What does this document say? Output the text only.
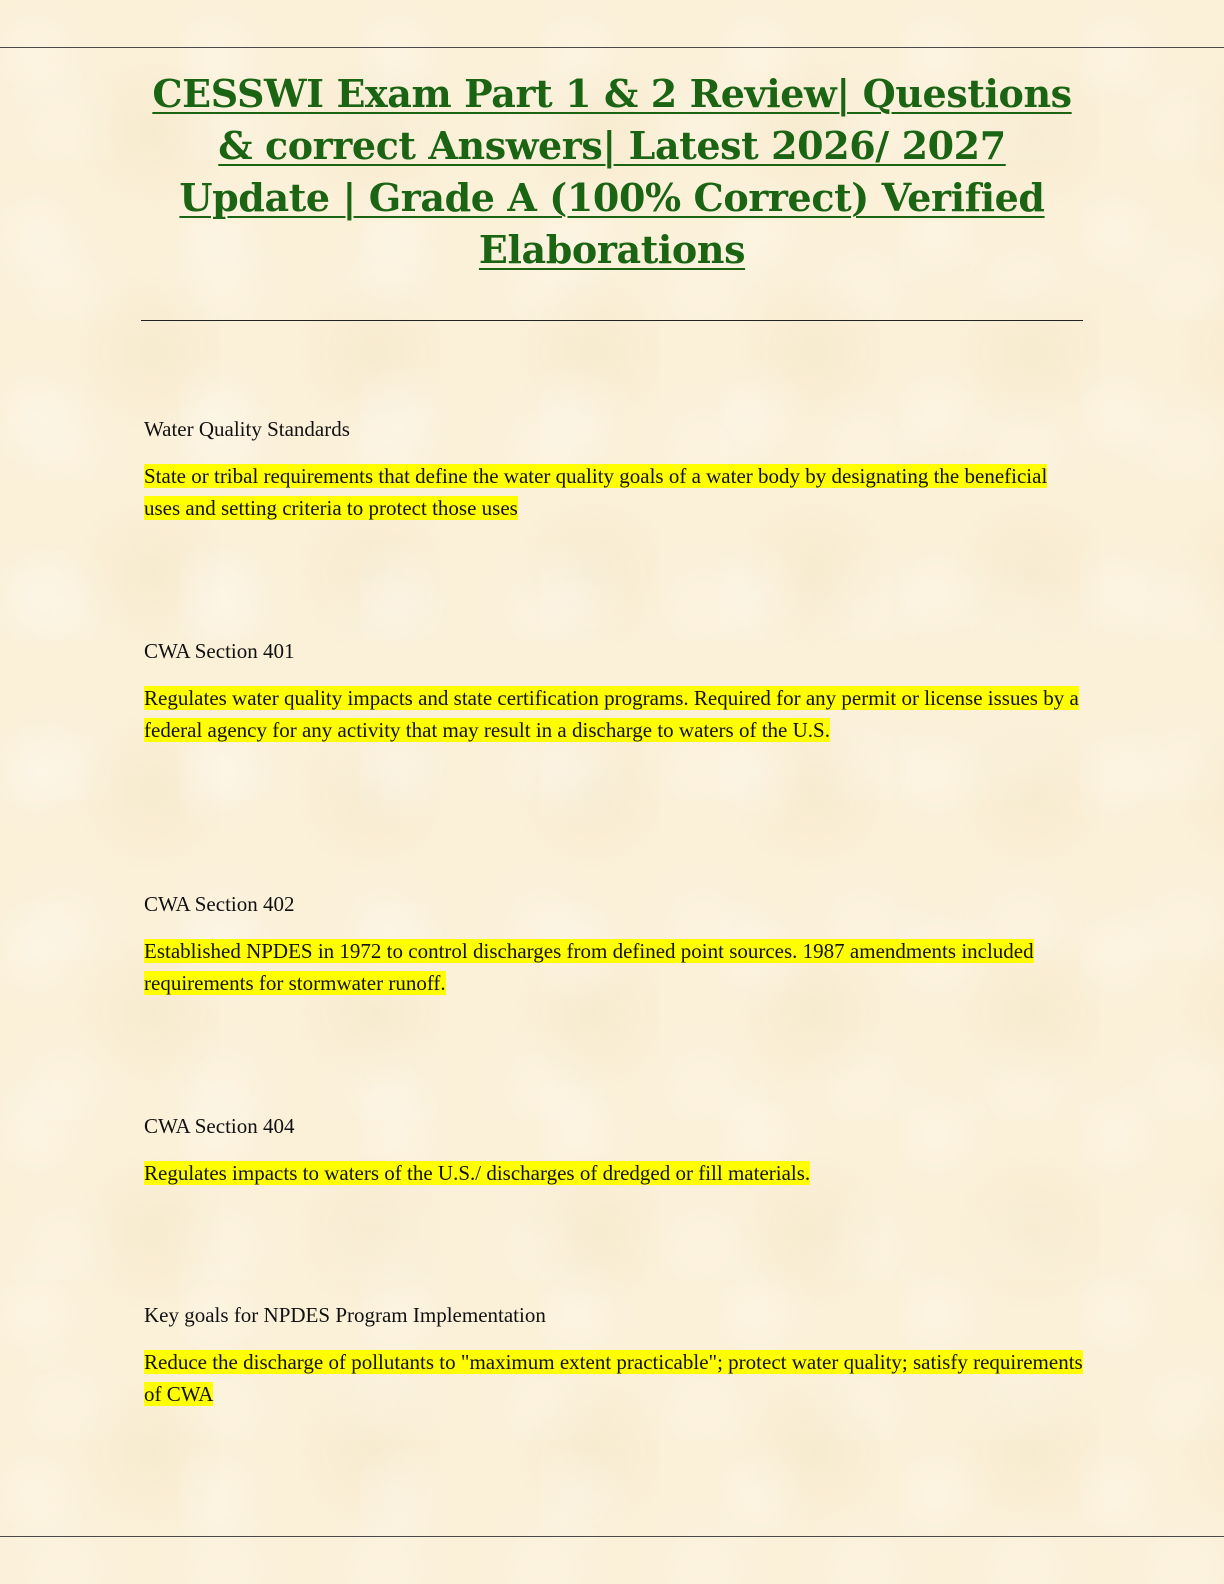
CESSWI Exam Part 1 & 2 Review| Questions & correct Answers| Latest 2026/ 2027 Update | Grade A (100% Correct) Verified Elaborations

Water Quality Standards

State or tribal requirements that define the water quality goals of a water body by designating the beneficial uses and setting criteria to protect those uses

CWA Section 401

Regulates water quality impacts and state certification programs. Required for any permit or license issues by a federal agency for any activity that may result in a discharge to waters of the U.S.

CWA Section 402

Established NPDES in 1972 to control discharges from defined point sources. 1987 amendments included requirements for stormwater runoff.

CWA Section 404

Regulates impacts to waters of the U.S./ discharges of dredged or fill materials.

Key goals for NPDES Program Implementation

Reduce the discharge of pollutants to "maximum extent practicable"; protect water quality; satisfy requirements of CWA
